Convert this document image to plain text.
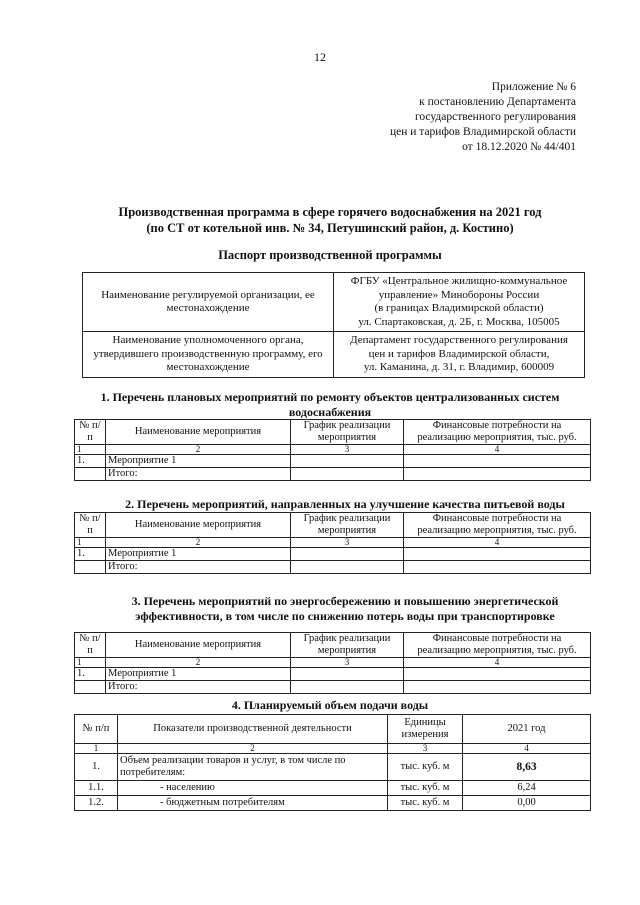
12
Приложение № 6
к постановлению Департамента
государственного регулирования
цен и тарифов Владимирской области
от 18.12.2020 № 44/401
Производственная программа в сфере горячего водоснабжения на 2021 год
(по СТ от котельной инв. № 34, Петушинский район, д. Костино)
Паспорт производственной программы
Наименование регулируемой организации, ее местонахождение	ФГБУ «Центральное жилищно-коммунальное
управление» Минобороны России
(в границах Владимирской области)
ул. Спартаковская, д. 2Б, г. Москва, 105005

Наименование уполномоченного органа, утвердившего производственную программу, его местонахождение	Департамент государственного регулирования
цен и тарифов Владимирской области,
ул. Каманина, д. 31, г. Владимир, 600009
1. Перечень плановых мероприятий по ремонту объектов централизованных систем водоснабжения
№ п/п	Наименование мероприятия	График реализации мероприятия	Финансовые потребности на реализацию мероприятия, тыс. руб.
1	2	3	4
1.	Мероприятие 1		
	Итого:		
2. Перечень мероприятий, направленных на улучшение качества питьевой воды
№ п/п	Наименование мероприятия	График реализации мероприятия	Финансовые потребности на реализацию мероприятия, тыс. руб.
1	2	3	4
1.	Мероприятие 1		
	Итого:		
3. Перечень мероприятий по энергосбережению и повышению энергетической эффективности, в том числе по снижению потерь воды при транспортировке
№ п/п	Наименование мероприятия	График реализации мероприятия	Финансовые потребности на реализацию мероприятия, тыс. руб.
1	2	3	4
1.	Мероприятие 1		
	Итого:		
4. Планируемый объем подачи воды
№ п/п	Показатели производственной деятельности	Единицы измерения	2021 год
1	2	3	4
1.	Объем реализации товаров и услуг, в том числе по потребителям:	тыс. куб. м	8,63
1.1.	- населению	тыс. куб. м	6,24
1.2.	- бюджетным потребителям	тыс. куб. м	0,00
